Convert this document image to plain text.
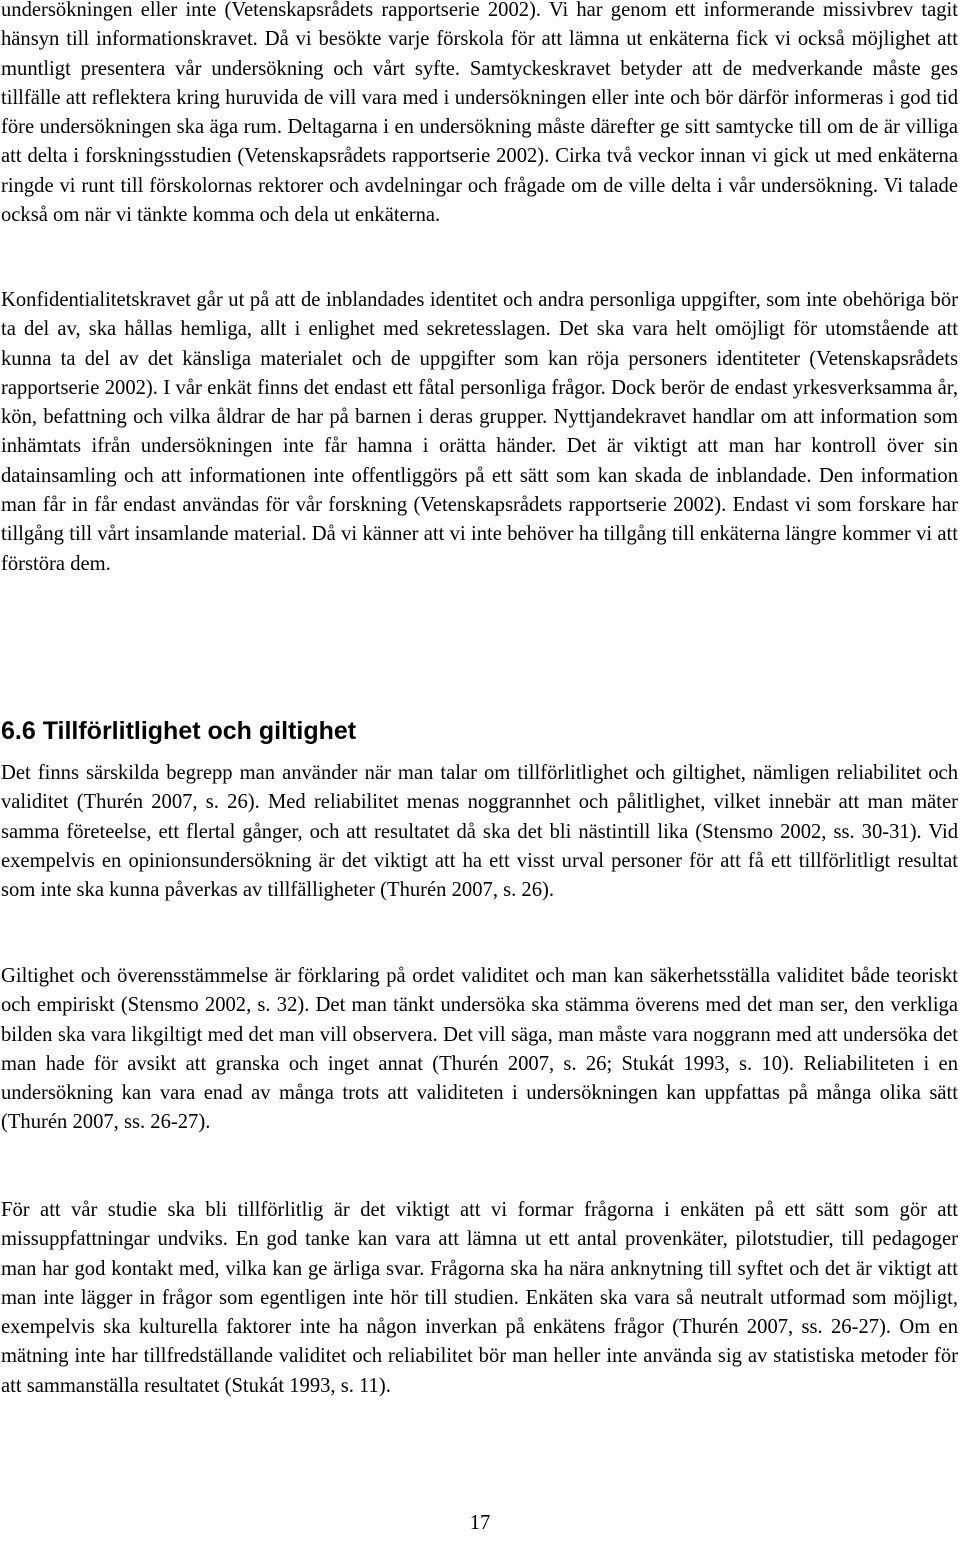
undersökningen eller inte (Vetenskapsrådets rapportserie 2002). Vi har genom ett informerande missivbrev tagit hänsyn till informationskravet. Då vi besökte varje förskola för att lämna ut enkäterna fick vi också möjlighet att muntligt presentera vår undersökning och vårt syfte. Samtyckeskravet betyder att de medverkande måste ges tillfälle att reflektera kring huruvida de vill vara med i undersökningen eller inte och bör därför informeras i god tid före undersökningen ska äga rum. Deltagarna i en undersökning måste därefter ge sitt samtycke till om de är villiga att delta i forskningsstudien (Vetenskapsrådets rapportserie 2002). Cirka två veckor innan vi gick ut med enkäterna ringde vi runt till förskolornas rektorer och avdelningar och frågade om de ville delta i vår undersökning. Vi talade också om när vi tänkte komma och dela ut enkäterna.

Konfidentialitetskravet går ut på att de inblandades identitet och andra personliga uppgifter, som inte obehöriga bör ta del av, ska hållas hemliga, allt i enlighet med sekretesslagen. Det ska vara helt omöjligt för utomstående att kunna ta del av det känsliga materialet och de uppgifter som kan röja personers identiteter (Vetenskapsrådets rapportserie 2002). I vår enkät finns det endast ett fåtal personliga frågor. Dock berör de endast yrkesverksamma år, kön, befattning och vilka åldrar de har på barnen i deras grupper. Nyttjandekravet handlar om att information som inhämtats ifrån undersökningen inte får hamna i orätta händer. Det är viktigt att man har kontroll över sin datainsamling och att informationen inte offentliggörs på ett sätt som kan skada de inblandade. Den information man får in får endast användas för vår forskning (Vetenskapsrådets rapportserie 2002). Endast vi som forskare har tillgång till vårt insamlande material. Då vi känner att vi inte behöver ha tillgång till enkäterna längre kommer vi att förstöra dem.

6.6 Tillförlitlighet och giltighet

Det finns särskilda begrepp man använder när man talar om tillförlitlighet och giltighet, nämligen reliabilitet och validitet (Thurén 2007, s. 26). Med reliabilitet menas noggrannhet och pålitlighet, vilket innebär att man mäter samma företeelse, ett flertal gånger, och att resultatet då ska det bli nästintill lika (Stensmo 2002, ss. 30-31). Vid exempelvis en opinionsundersökning är det viktigt att ha ett visst urval personer för att få ett tillförlitligt resultat som inte ska kunna påverkas av tillfälligheter (Thurén 2007, s. 26).

Giltighet och överensstämmelse är förklaring på ordet validitet och man kan säkerhetsställa validitet både teoriskt och empiriskt (Stensmo 2002, s. 32). Det man tänkt undersöka ska stämma överens med det man ser, den verkliga bilden ska vara likgiltigt med det man vill observera. Det vill säga, man måste vara noggrann med att undersöka det man hade för avsikt att granska och inget annat (Thurén 2007, s. 26; Stukát 1993, s. 10). Reliabiliteten i en undersökning kan vara enad av många trots att validiteten i undersökningen kan uppfattas på många olika sätt (Thurén 2007, ss. 26-27).

För att vår studie ska bli tillförlitlig är det viktigt att vi formar frågorna i enkäten på ett sätt som gör att missuppfattningar undviks. En god tanke kan vara att lämna ut ett antal provenkäter, pilotstudier, till pedagoger man har god kontakt med, vilka kan ge ärliga svar. Frågorna ska ha nära anknytning till syftet och det är viktigt att man inte lägger in frågor som egentligen inte hör till studien. Enkäten ska vara så neutralt utformad som möjligt, exempelvis ska kulturella faktorer inte ha någon inverkan på enkätens frågor (Thurén 2007, ss. 26-27). Om en mätning inte har tillfredställande validitet och reliabilitet bör man heller inte använda sig av statistiska metoder för att sammanställa resultatet (Stukát 1993, s. 11).

17
